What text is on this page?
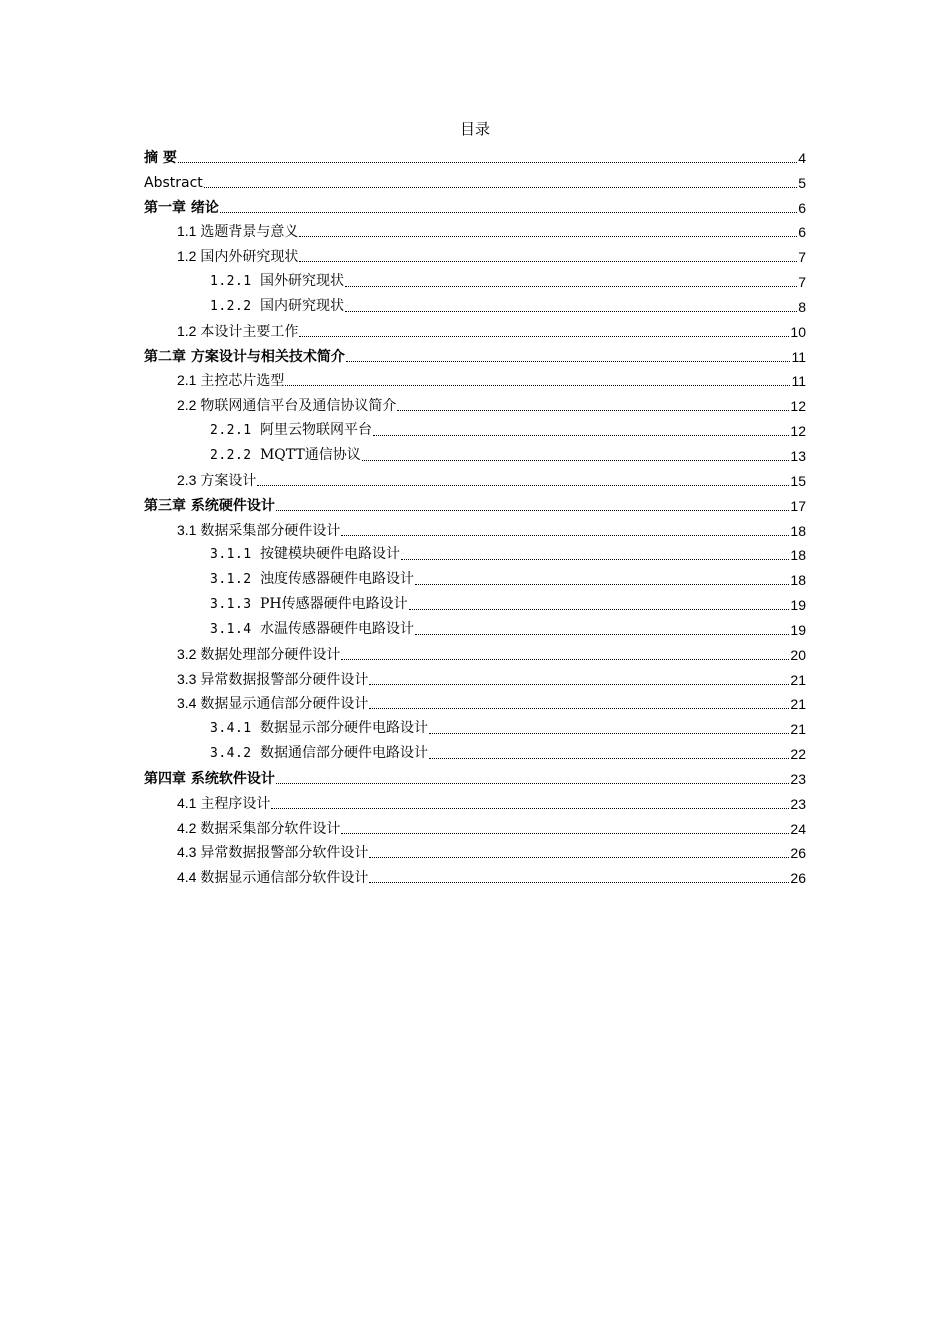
目录
摘 要	4
Abstract	5
第一章 绪论	6
1.1 选题背景与意义	6
1.2 国内外研究现状	7
1.2.1 国外研究现状	7
1.2.2 国内研究现状	8
1.2 本设计主要工作	10
第二章 方案设计与相关技术简介	11
2.1 主控芯片选型	11
2.2 物联网通信平台及通信协议简介	12
2.2.1 阿里云物联网平台	12
2.2.2 MQTT通信协议	13
2.3 方案设计	15
第三章 系统硬件设计	17
3.1 数据采集部分硬件设计	18
3.1.1 按键模块硬件电路设计	18
3.1.2 浊度传感器硬件电路设计	18
3.1.3 PH传感器硬件电路设计	19
3.1.4 水温传感器硬件电路设计	19
3.2 数据处理部分硬件设计	20
3.3 异常数据报警部分硬件设计	21
3.4 数据显示通信部分硬件设计	21
3.4.1 数据显示部分硬件电路设计	21
3.4.2 数据通信部分硬件电路设计	22
第四章 系统软件设计	23
4.1 主程序设计	23
4.2 数据采集部分软件设计	24
4.3 异常数据报警部分软件设计	26
4.4 数据显示通信部分软件设计	26
